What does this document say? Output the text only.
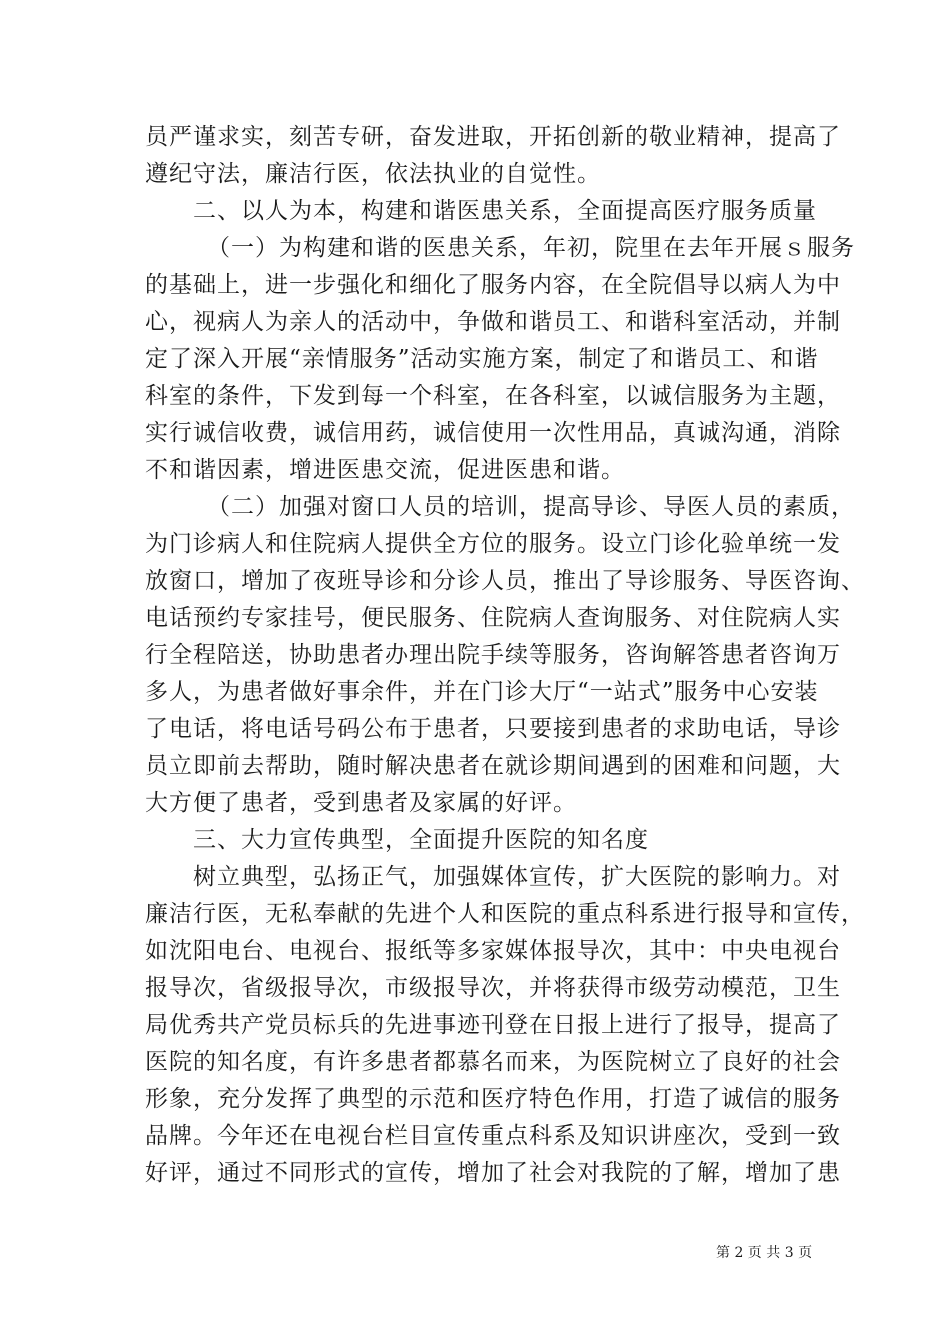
员严谨求实，刻苦专研，奋发进取，开拓创新的敬业精神，提高了
遵纪守法，廉洁行医，依法执业的自觉性。
二、以人为本，构建和谐医患关系，全面提高医疗服务质量
（一）为构建和谐的医患关系，年初，院里在去年开展ｓ服务
的基础上，进一步强化和细化了服务内容，在全院倡导以病人为中
心，视病人为亲人的活动中，争做和谐员工、和谐科室活动，并制
定了深入开展“亲情服务”活动实施方案，制定了和谐员工、和谐
科室的条件，下发到每一个科室，在各科室，以诚信服务为主题，
实行诚信收费，诚信用药，诚信使用一次性用品，真诚沟通，消除
不和谐因素，增进医患交流，促进医患和谐。
（二）加强对窗口人员的培训，提高导诊、导医人员的素质，
为门诊病人和住院病人提供全方位的服务。设立门诊化验单统一发
放窗口，增加了夜班导诊和分诊人员，推出了导诊服务、导医咨询、
电话预约专家挂号，便民服务、住院病人查询服务、对住院病人实
行全程陪送，协助患者办理出院手续等服务，咨询解答患者咨询万
多人，为患者做好事余件，并在门诊大厅“一站式”服务中心安装
了电话，将电话号码公布于患者，只要接到患者的求助电话，导诊
员立即前去帮助，随时解决患者在就诊期间遇到的困难和问题，大
大方便了患者，受到患者及家属的好评。
三、大力宣传典型，全面提升医院的知名度
树立典型，弘扬正气，加强媒体宣传，扩大医院的影响力。对
廉洁行医，无私奉献的先进个人和医院的重点科系进行报导和宣传，
如沈阳电台、电视台、报纸等多家媒体报导次，其中：中央电视台
报导次，省级报导次，市级报导次，并将获得市级劳动模范，卫生
局优秀共产党员标兵的先进事迹刊登在日报上进行了报导，提高了
医院的知名度，有许多患者都慕名而来，为医院树立了良好的社会
形象，充分发挥了典型的示范和医疗特色作用，打造了诚信的服务
品牌。今年还在电视台栏目宣传重点科系及知识讲座次，受到一致
好评，通过不同形式的宣传，增加了社会对我院的了解，增加了患
第 2 页 共 3 页
